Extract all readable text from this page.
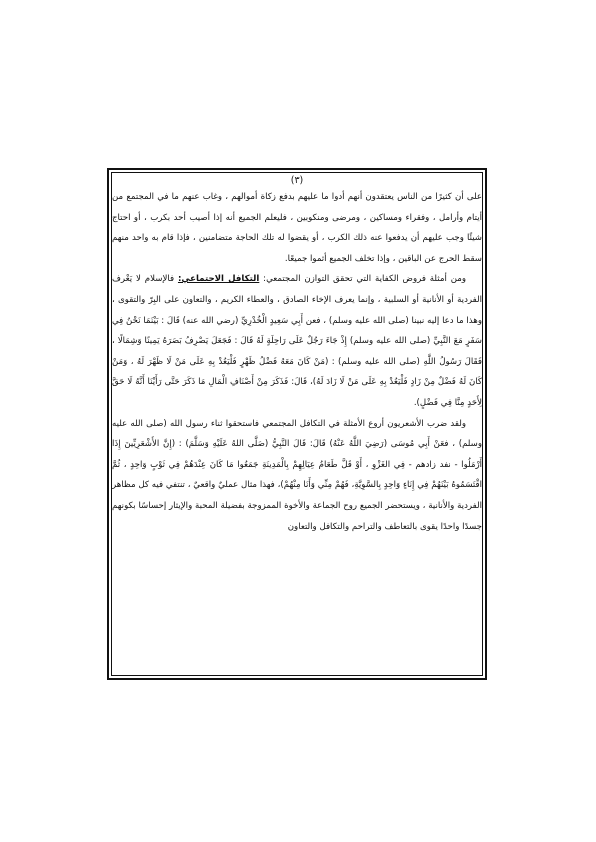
(٣)

على أن كثيرًا من الناس يعتقدون أنهم أدوا ما عليهم بدفع زكاة أموالهم ، وغاب عنهم ما في المجتمع من أيتام وأرامل ، وفقراء ومساكين ، ومرضى ومنكوبين ، فليعلم الجميع أنه إذا أصيب أحد بكرب ، أو احتاج شيئًا وجب عليهم أن يدفعوا عنه ذلك الكرب ، أو يقضوا له تلك الحاجة متضامنين ، فإذا قام به واحد منهم سقط الحرج عن الباقين ، وإذا تخلف الجميع أثموا جميعًا.

ومن أمثلة فروض الكفاية التي تحقق التوازن المجتمعي: التكافل الاجتماعي: فالإسلام لا يَعْرف الفردية أو الأنانية أو السلبية ، وإنما يعرف الإخاء الصادق ، والعطاء الكريم ، والتعاون على البِرّ والتقوى ، وهذا ما دعا إليه نبينا (صلى الله عليه وسلم) ، فعن أَبِي سَعِيدٍ الْخُدْرِيِّ (رضي الله عنه) قَالَ : بَيْنَمَا نَحْنُ فِي سَفَرٍ مَعَ النَّبِيِّ (صلى الله عليه وسلم) إِذْ جَاءَ رَجُلٌ عَلَى رَاحِلَةٍ لَهُ قَالَ : فَجَعَلَ يَصْرِفُ بَصَرَهُ يَمِينًا وَشِمَالًا ، فَقَالَ رَسُولُ اللَّهِ (صلى الله عليه وسلم) : (مَنْ كَانَ مَعَهُ فَضْلُ ظَهْرٍ فَلْيَعُدْ بِهِ عَلَى مَنْ لَا ظَهْرَ لَهُ ، وَمَنْ كَانَ لَهُ فَضْلٌ مِنْ زَادٍ فَلْيَعُدْ بِهِ عَلَى مَنْ لَا زَادَ لَهُ)، قَالَ: فَذَكَرَ مِنْ أَصْنَافِ الْمَالِ مَا ذَكَرَ حَتَّى رَأَيْنَا أَنَّهُ لَا حَقَّ لِأَحَدٍ مِنَّا فِي فَضْلٍ).

ولقد ضرب الأشعريون أروع الأمثلة في التكافل المجتمعي فاستحقوا ثناء رسول الله (صلى الله عليه وسلم) ، فعَنْ أَبِي مُوسَى (رَضِيَ اللَّهُ عَنْهُ) قَالَ: قَالَ النَّبِيُّ (صَلَّى اللهُ عَلَيْهِ وَسَلَّمَ) : (إِنَّ الأَشْعَرِيِّينَ إِذَا أَرْمَلُوا - نفد زادهم - فِي الغَزْوِ ، أَوْ قَلَّ طَعَامُ عِيَالِهِمْ بِالْمَدِينَةِ جَمَعُوا مَا كَانَ عِنْدَهُمْ فِي ثَوْبٍ وَاحِدٍ ، ثُمَّ اقْتَسَمُوهُ بَيْنَهُمْ فِي إِنَاءٍ وَاحِدٍ بِالسَّوِيَّةِ، فَهُمْ مِنِّي وَأَنَا مِنْهُمْ)، فهذا مثال عمليٌ واقعيٌ ، تنتفي فيه كل مظاهر الفردية والأنانية ، ويستحضر الجميع روح الجماعة والأخوة الممزوجة بفضيلة المحبة والإيثار إحساسًا بكونهم جسدًا واحدًا يقوى بالتعاطف والتراحم والتكافل والتعاون
